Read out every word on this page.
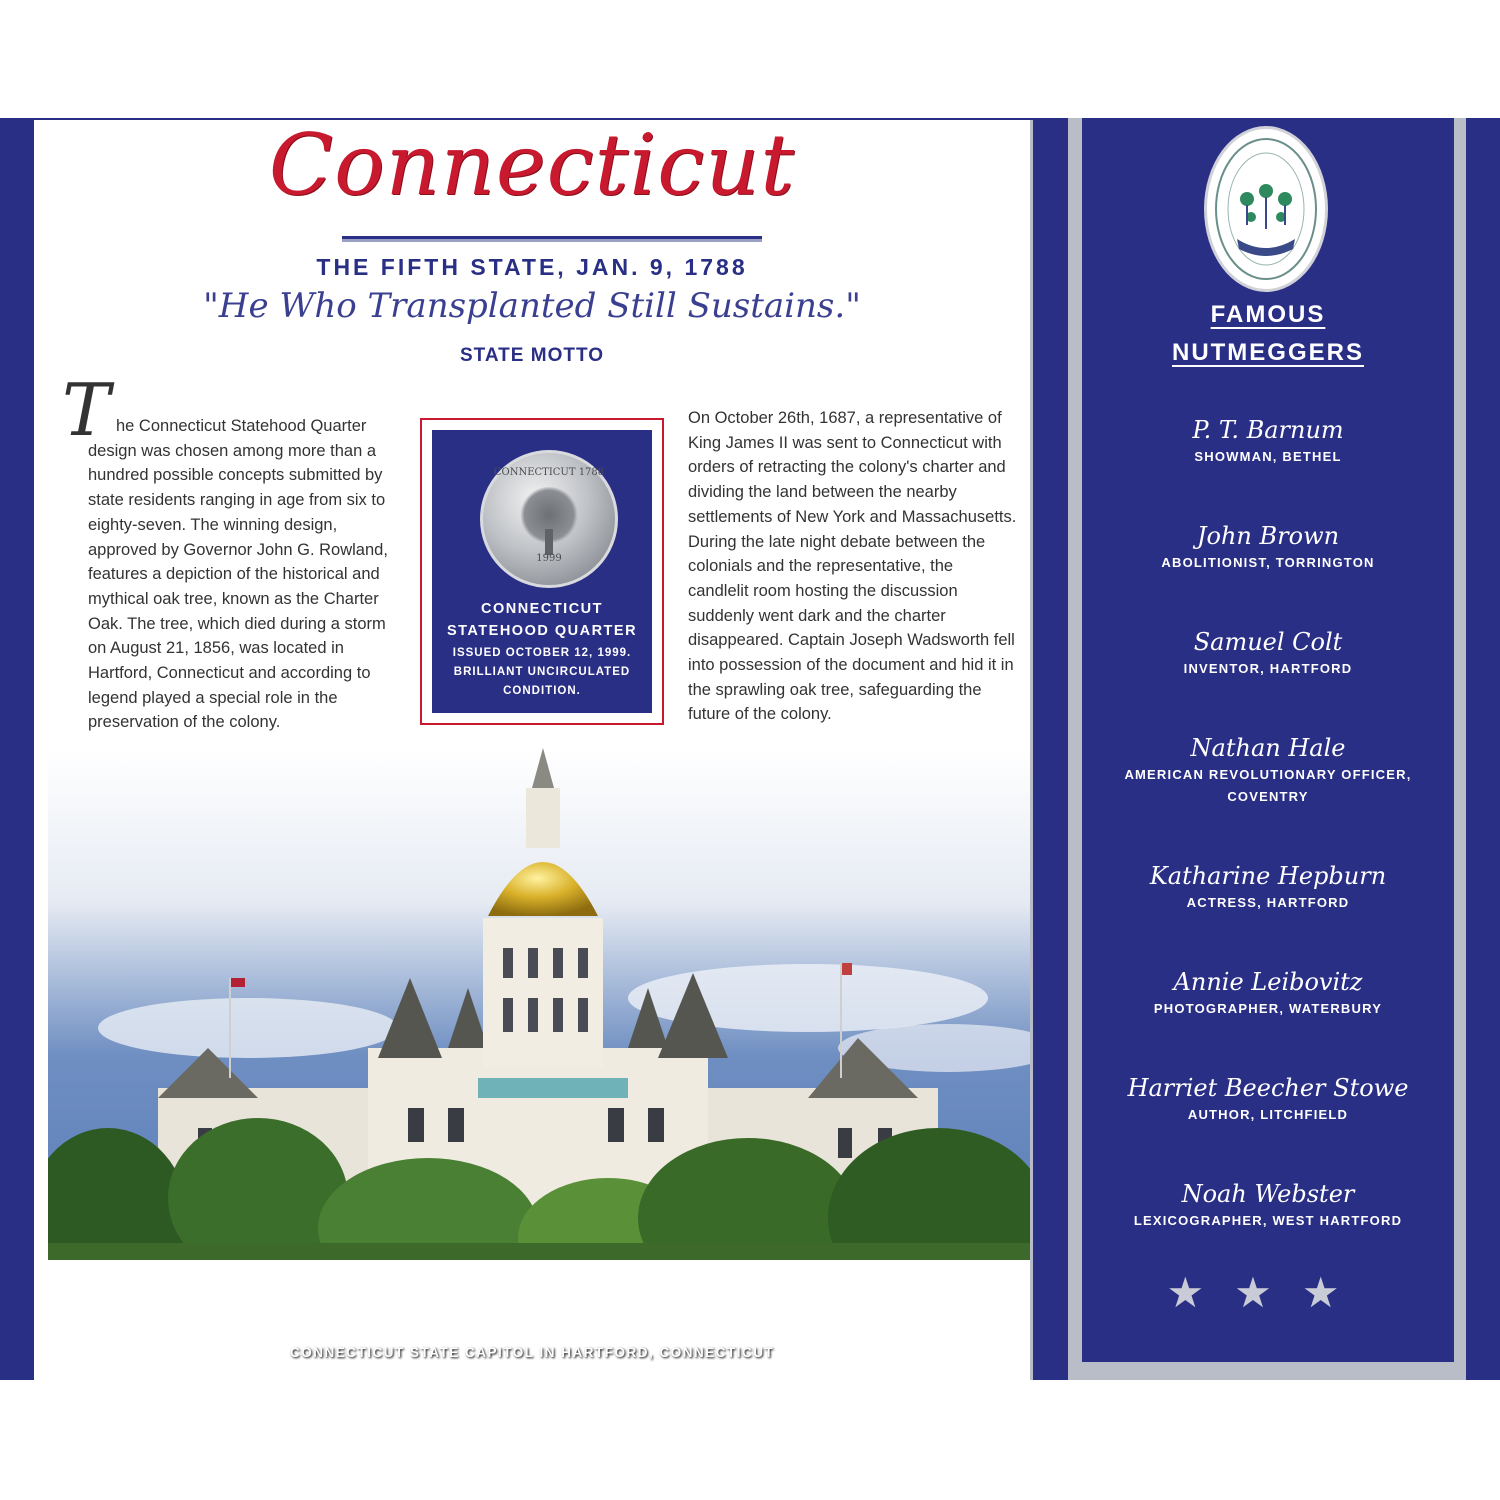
Connecticut
THE FIFTH STATE, JAN. 9, 1788
"He Who Transplanted Still Sustains."
STATE MOTTO
T he Connecticut Statehood Quarter design was chosen among more than a hundred possible concepts submitted by state residents ranging in age from six to eighty-seven. The winning design, approved by Governor John G. Rowland, features a depiction of the historical and mythical oak tree, known as the Charter Oak. The tree, which died during a storm on August 21, 1856, was located in Hartford, Connecticut and according to legend played a special role in the preservation of the colony.
CONNECTICUT 1788
1999
CONNECTICUT
STATEHOOD QUARTER
ISSUED OCTOBER 12, 1999.
BRILLIANT UNCIRCULATED
CONDITION.
On October 26th, 1687, a representative of King James II was sent to Connecticut with orders of retracting the colony's charter and dividing the land between the nearby settlements of New York and Massachusetts. During the late night debate between the colonials and the representative, the candlelit room hosting the discussion suddenly went dark and the charter disappeared. Captain Joseph Wadsworth fell into possession of the document and hid it in the sprawling oak tree, safeguarding the future of the colony.
CONNECTICUT STATE CAPITOL IN HARTFORD, CONNECTICUT
FAMOUS
NUTMEGGERS
P. T. Barnum
SHOWMAN, BETHEL
John Brown
ABOLITIONIST, TORRINGTON
Samuel Colt
INVENTOR, HARTFORD
Nathan Hale
AMERICAN REVOLUTIONARY OFFICER,
COVENTRY
Katharine Hepburn
ACTRESS, HARTFORD
Annie Leibovitz
PHOTOGRAPHER, WATERBURY
Harriet Beecher Stowe
AUTHOR, LITCHFIELD
Noah Webster
LEXICOGRAPHER, WEST HARTFORD
★★★
